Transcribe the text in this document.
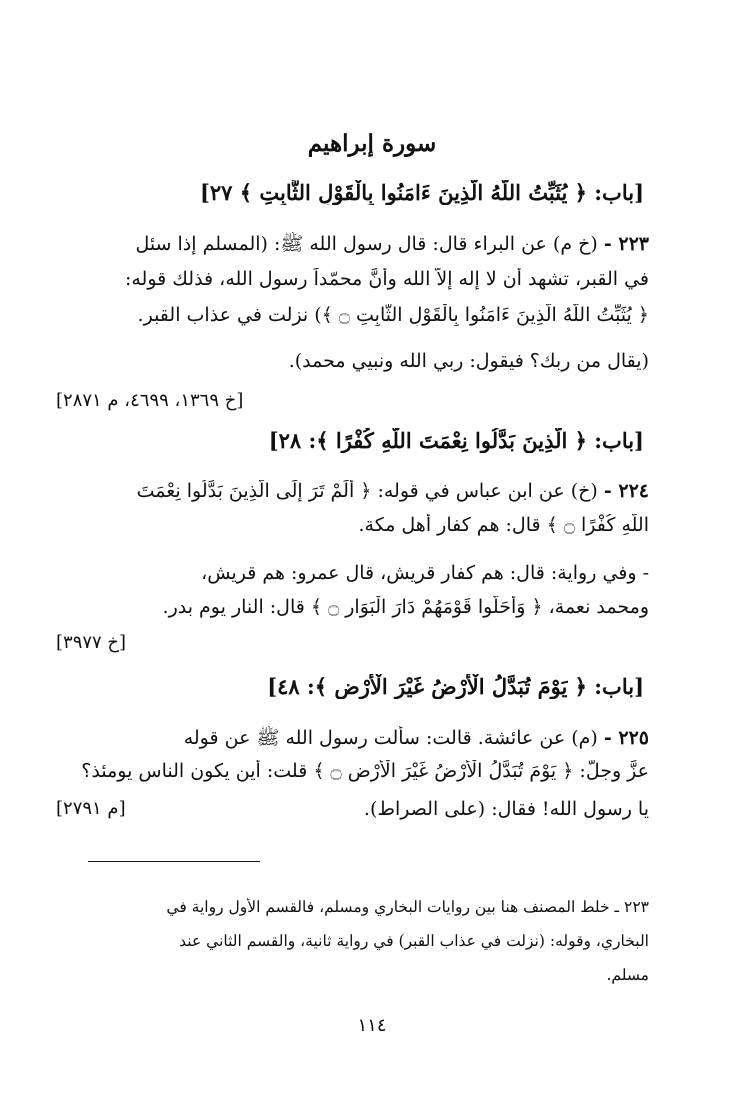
سورة إبراهيم
[باب: ﴿ يُثَبِّتُ اللَّهُ الَّذِينَ ءَامَنُوا بِالْقَوْلِ الثَّابِتِ ﴾ ٢٧]
٢٢٣ - (خ م) عن البراء قال: قال رسول الله ﷺ: (المسلم إذا سئل
في القبر، تشهد أن لا إله إلاَّ الله وأنَّ محمّداً رسول الله، فذلك قوله:
﴿ يُثَبِّتُ اللَّهُ الَّذِينَ ءَامَنُوا بِالْقَوْلِ الثَّابِتِ ۝ ﴾) نزلت في عذاب القبر.
(يقال من ربك؟ فيقول: ربي الله ونبيي محمد).
[خ ١٣٦٩، ٤٦٩٩، م ٢٨٧١]
[باب: ﴿ الَّذِينَ بَدَّلُوا نِعْمَتَ اللَّهِ كُفْرًا ﴾: ٢٨]
٢٢٤ - (خ) عن ابن عباس في قوله: ﴿ أَلَمْ تَرَ إِلَى الَّذِينَ بَدَّلُوا نِعْمَتَ
اللَّهِ كُفْرًا ۝ ﴾ قال: هم كفار أهل مكة.
- وفي رواية: قال: هم كفار قريش، قال عمرو: هم قريش،
ومحمد نعمة، ﴿ وَأَحَلُّوا قَوْمَهُمْ دَارَ الْبَوَارِ ۝ ﴾ قال: النار يوم بدر.
[خ ٣٩٧٧]
[باب: ﴿ يَوْمَ تُبَدَّلُ الْأَرْضُ غَيْرَ الْأَرْضِ ﴾: ٤٨]
٢٢٥ - (م) عن عائشة. قالت: سألت رسول الله ﷺ عن قوله
عزَّ وجلّ: ﴿ يَوْمَ تُبَدَّلُ الْأَرْضُ غَيْرَ الْأَرْضِ ۝ ﴾ قلت: أين يكون الناس يومئذ؟
يا رسول الله! فقال: (على الصراط).
[م ٢٧٩١]
٢٢٣ ـ خلط المصنف هنا بين روايات البخاري ومسلم، فالقسم الأول رواية في
البخاري، وقوله: (نزلت في عذاب القبر) في رواية ثانية، والقسم الثاني عند
مسلم.
١١٤
